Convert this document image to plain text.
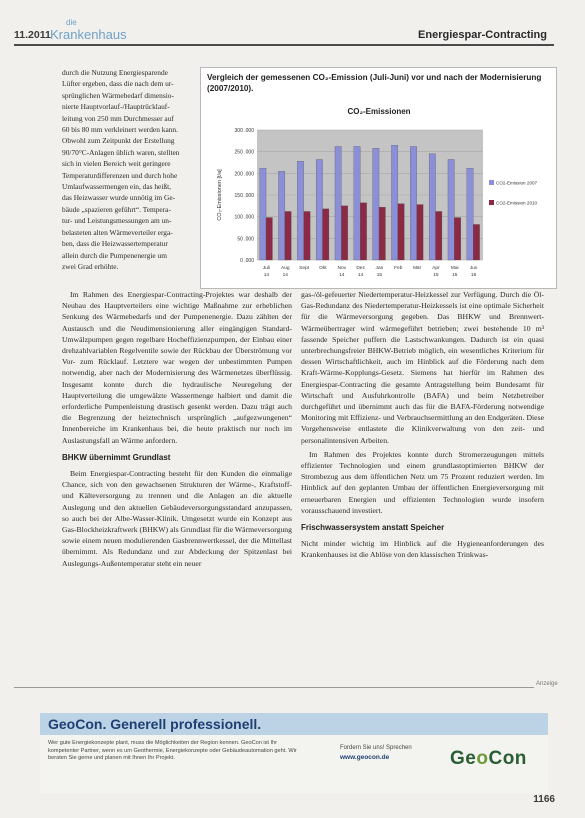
11.2011
die
Krankenhaus	Energiespar-Contracting
durch die Nutzung Energiesparende
Lüfter ergeben, dass die nach dem ur-
sprünglichen Wärmebedarf dimensio-
nierte Hauptvorlauf-/Hauptrücklauf-
leitung von 250 mm Durchmesser auf
60 bis 80 mm verkleinert werden kann.
Obwohl zum Zeitpunkt der Erstellung
90/70°C-Anlagen üblich waren, stellten
sich in vielen Bereich weit geringere
Temperaturdifferenzen und durch hohe
Umlaufwassermengen ein, das heißt,
das Heizwasser wurde unnötig im Ge-
bäude „spazieren geführt“. Tempera-
tur- und Leistungsmessungen am un-
belasteten alten Wärmeverteiler erga-
ben, dass die Heizwassertemperatur
allein durch die Pumpenenergie um
zwei Grad erhöhte.
Vergleich der gemessenen CO₂-Emission (Juli-Juni) vor und nach der Modernisierung (2007/2010).
CO₂-Emissionen
300 .000
250 .000
200 .000
150 .000
100 .000
50 .000
0 .000
CO₂-Emissionen [t/a]
Juli
14
Aug
14
Sept Okt Nov
14
Dez
14
Jan
15
Feb Mär Apr
15
Mai
15
Jun
15
CO2-Emission 2007
CO2-Emission 2010

Im Rahmen des Energiespar-Contracting-Projektes war deshalb der Neubau des Hauptverteilers eine wichtige Maßnahme zur erheblichen Senkung des Wärmebedarfs und der Pumpenenergie. Dazu zählten der Austausch und die Neudimensionierung aller eingängigen Standard-Umwälzpumpen gegen regelbare Hocheffizienzpumpen, der Einbau einer drehzahlvariablen Regelventile sowie der Rückbau der Überströmung vor Vor- zum Rücklauf. Letztere war wegen der unbestimmten Pumpen notwendig, aber nach der Modernisierung des Wärmenetzes überflüssig. Insgesamt konnte durch die hydraulische Neuregelung der Hauptverteilung die umgewälzte Wassermenge halbiert und damit die erforderliche Pumpenleistung drastisch gesenkt werden. Dazu trägt auch die Begrenzung der heiztechnisch ursprünglich „aufgezwungenen“ Innenbereiche im Krankenhaus bei, die heute praktisch nur noch im Auslastungsfall an Wärme anfordern.

BHKW übernimmt Grundlast

Beim Energiespar-Contracting besteht für den Kunden die einmalige Chance, sich von den gewachsenen Strukturen der Wärme-, Kraftstoff- und Kälteversorgung zu trennen und die Anlagen an die aktuelle Auslegung und den aktuellen Gebäudeversorgungsstandard anzupassen, so auch bei der Albe-Wasser-Klinik. Umgesetzt wurde ein Konzept aus Gas-Blockheizkraftwerk (BHKW) als Grundlast für die Wärmeversorgung sowie einem neuen modulierenden Gasbrennwertkessel, der die Mittellast übernimmt. Als Redundanz und zur Abdeckung der Spitzenlast bei Auslegungs-Außentemperatur steht ein neuer

gas-/öl-gefeuerter Niedertemperatur-Heizkessel zur Verfügung. Durch die Öl-Gas-Redundanz des Niedertemperatur-Heizkessels ist eine optimale Sicherheit für die Wärmeversorgung gegeben. Das BHKW und Brennwert-Wärmeübertrager wird wärmegeführt betrieben; zwei bestehende 10 m³ fassende Speicher puffern die Lastschwankungen. Dadurch ist ein quasi unterbrechungsfreier BHKW-Betrieb möglich, ein wesentliches Kriterium für dessen Wirtschaftlichkeit, auch im Hinblick auf die Förderung nach dem Kraft-Wärme-Kopplungs-Gesetz. Siemens hat hierfür im Rahmen des Energiespar-Contracting die gesamte Antragstellung beim Bundesamt für Wirtschaft und Ausfuhrkontrolle (BAFA) und beim Netzbetreiber durchgeführt und übernimmt auch das für die BAFA-Förderung notwendige Monitoring mit Effizienz- und Verbrauchsermittlung an den Endgeräten. Diese Vorgehensweise entlastete die Klinikverwaltung von den zeit- und personalintensiven Arbeiten.

Im Rahmen des Projektes konnte durch Stromerzeugungen mittels effizienter Technologien und einem grundlastoptimierten BHKW der Strombezug aus dem öffentlichen Netz um 75 Prozent reduziert werden. Im Hinblick auf den geplanten Umbau der öffentlichen Energieversorgung mit erneuerbaren Energien und effizienten Technologien wurde insofern vorausschauend investiert.

Frischwassersystem anstatt Speicher

Nicht minder wichtig im Hinblick auf die Hygieneanforderungen des Krankenhauses ist die Ablöse von den klassischen Trinkwas-

Anzeige
GeoCon. Generell professionell.
Wer gute Energiekonzepte plant, muss die Möglichkeiten der Region kennen. GeoCon ist Ihr kompetenter Partner, wenn es um Geothermie, Energiekonzepte oder Gebäudeautomation geht. Wir beraten Sie gerne und planen mit Ihnen Ihr Projekt.
Fordern Sie uns! Sprechen
www.geocon.de	GeoCon
1166
